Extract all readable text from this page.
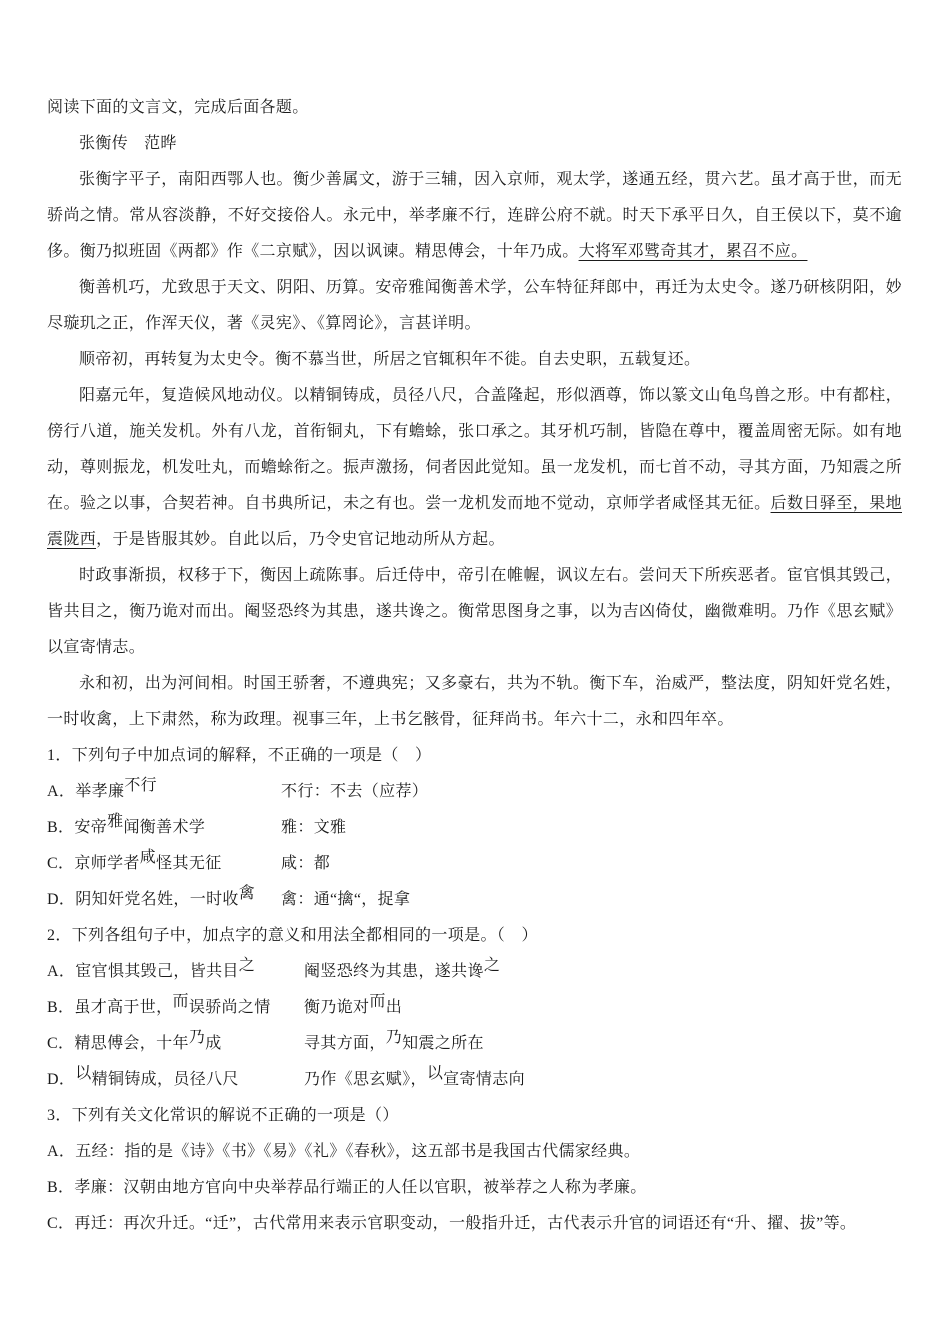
阅读下面的文言文，完成后面各题。

张衡传 范晔

张衡字平子，南阳西鄂人也。衡少善属文，游于三辅，因入京师，观太学，遂通五经，贯六艺。虽才高于世，而无骄尚之情。常从容淡静，不好交接俗人。永元中，举孝廉不行，连辟公府不就。时天下承平日久，自王侯以下，莫不逾侈。衡乃拟班固《两都》作《二京赋》，因以讽谏。精思傅会，十年乃成。大将军邓骘奇其才，累召不应。

衡善机巧，尤致思于天文、阴阳、历算。安帝雅闻衡善术学，公车特征拜郎中，再迁为太史令。遂乃研核阴阳，妙尽璇玑之正，作浑天仪，著《灵宪》、《算罔论》，言甚详明。

顺帝初，再转复为太史令。衡不慕当世，所居之官辄积年不徙。自去史职，五载复还。

阳嘉元年，复造候风地动仪。以精铜铸成，员径八尺，合盖隆起，形似酒尊，饰以篆文山龟鸟兽之形。中有都柱，傍行八道，施关发机。外有八龙，首衔铜丸，下有蟾蜍，张口承之。其牙机巧制，皆隐在尊中，覆盖周密无际。如有地动，尊则振龙，机发吐丸，而蟾蜍衔之。振声激扬，伺者因此觉知。虽一龙发机，而七首不动，寻其方面，乃知震之所在。验之以事，合契若神。自书典所记，未之有也。尝一龙机发而地不觉动，京师学者咸怪其无征。后数日驿至，果地震陇西，于是皆服其妙。自此以后，乃令史官记地动所从方起。

时政事渐损，权移于下，衡因上疏陈事。后迁侍中，帝引在帷幄，讽议左右。尝问天下所疾恶者。宦官惧其毁己，皆共目之，衡乃诡对而出。阉竖恐终为其患，遂共谗之。衡常思图身之事，以为吉凶倚仗，幽微难明。乃作《思玄赋》以宣寄情志。

永和初，出为河间相。时国王骄奢，不遵典宪；又多豪右，共为不轨。衡下车，治威严，整法度，阴知奸党名姓，一时收禽，上下肃然，称为政理。视事三年，上书乞骸骨，征拜尚书。年六十二，永和四年卒。

1．下列句子中加点词的解释，不正确的一项是（　）

A．举孝廉不行	不行：不去（应荐）
B．安帝雅闻衡善术学	雅：文雅
C．京师学者咸怪其无征	咸：都
D．阴知奸党名姓，一时收禽	禽：通“擒“，捉拿

2．下列各组句子中，加点字的意义和用法全都相同的一项是。（　）

A．宦官惧其毁己，皆共目之	阉竖恐终为其患，遂共谗之
B．虽才高于世，而误骄尚之情	衡乃诡对而出
C．精思傅会，十年乃成	寻其方面，乃知震之所在
D．以精铜铸成，员径八尺	乃作《思玄赋》，以宣寄情志向

3．下列有关文化常识的解说不正确的一项是（）

A．五经：指的是《诗》《书》《易》《礼》《春秋》，这五部书是我国古代儒家经典。
B．孝廉：汉朝由地方官向中央举荐品行端正的人任以官职，被举荐之人称为孝廉。
C．再迁：再次升迁。“迁”，古代常用来表示官职变动，一般指升迁，古代表示升官的词语还有“升、擢、拔”等。
